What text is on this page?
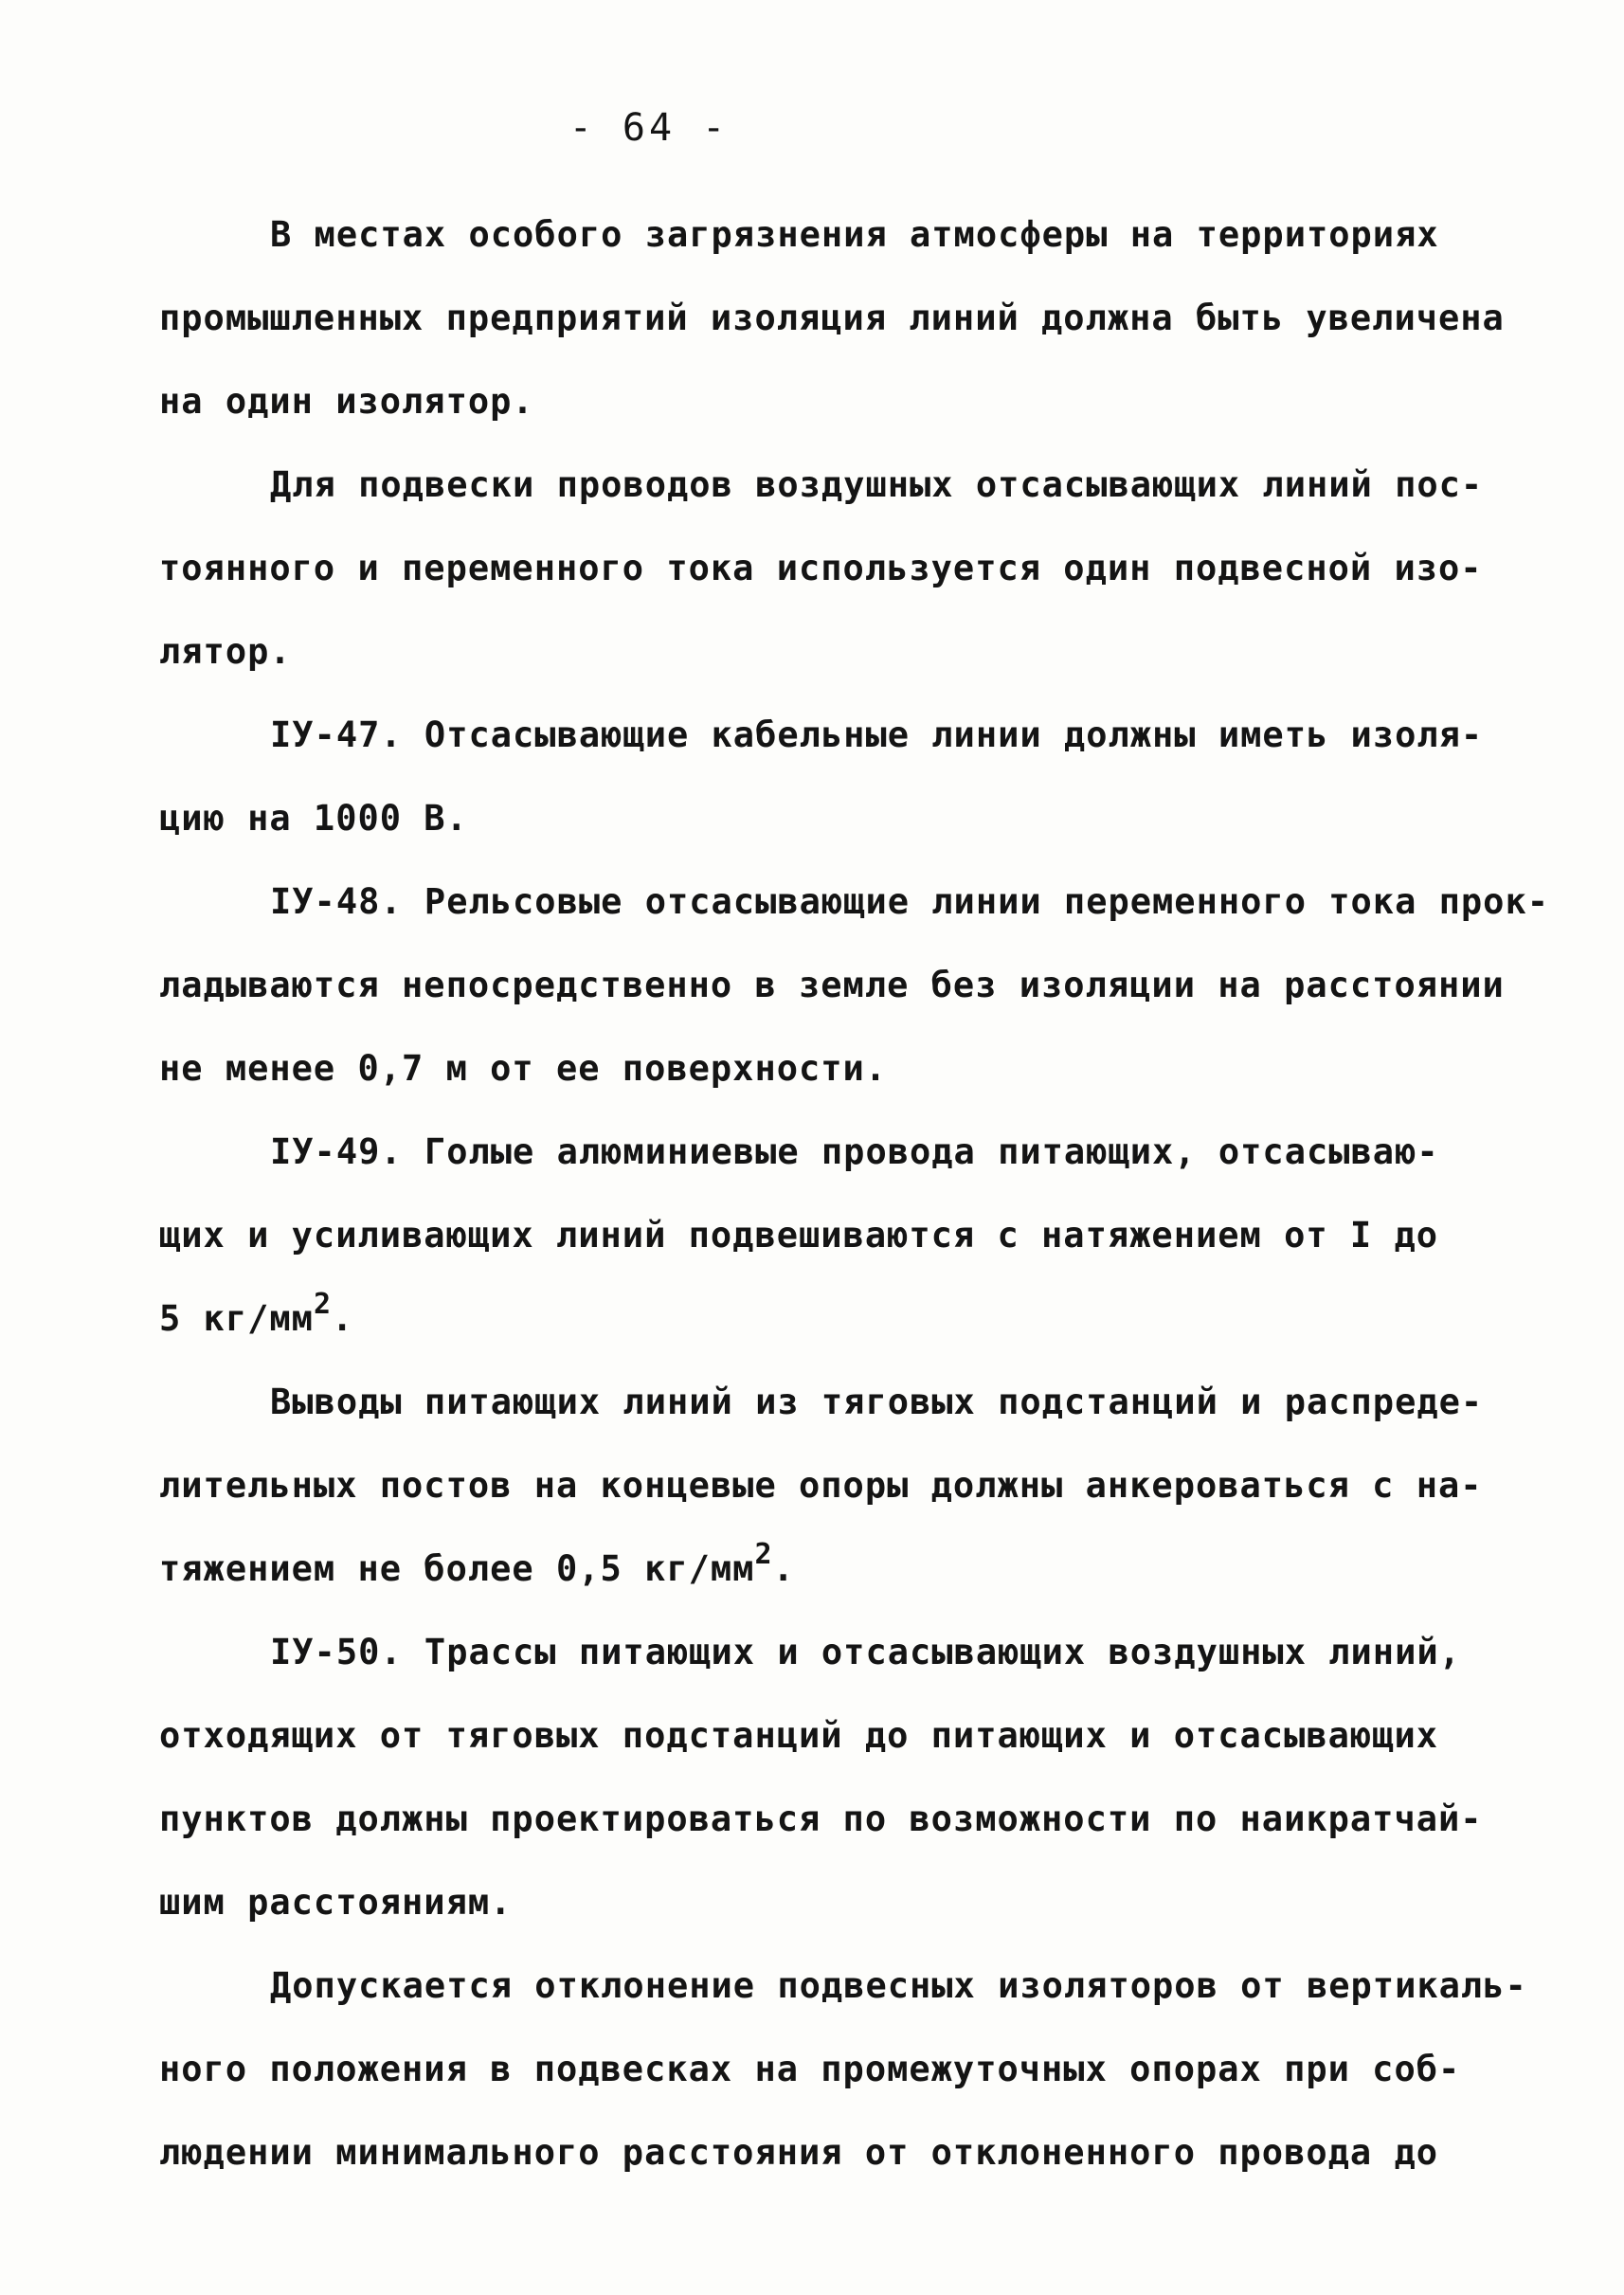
- 64 -
В местах особого загрязнения атмосферы на территориях
промышленных предприятий изоляция линий должна быть увеличена
на один изолятор.
Для подвески проводов воздушных отсасывающих линий пос-
тоянного и переменного тока используется один подвесной изо-
лятор.
IУ-47. Отсасывающие кабельные линии должны иметь изоля-
цию на 1000 В.
IУ-48. Рельсовые отсасывающие линии переменного тока прок-
ладываются непосредственно в земле без изоляции на расстоянии
не менее 0,7 м от ее поверхности.
IУ-49. Голые алюминиевые провода питающих, отсасываю-
щих и усиливающих линий подвешиваются с натяжением от I до
5 $кг/мм^2$.
Выводы питающих линий из тяговых подстанций и распреде-
лительных постов на концевые опоры должны анкероваться с на-
тяжением не более 0,5 $кг/мм^2$.
IУ-50. Трассы питающих и отсасывающих воздушных линий,
отходящих от тяговых подстанций до питающих и отсасывающих
пунктов должны проектироваться по возможности по наикратчай-
шим расстояниям.
Допускается отклонение подвесных изоляторов от вертикаль-
ного положения в подвесках на промежуточных опорах при соб-
людении минимального расстояния от отклоненного провода до
